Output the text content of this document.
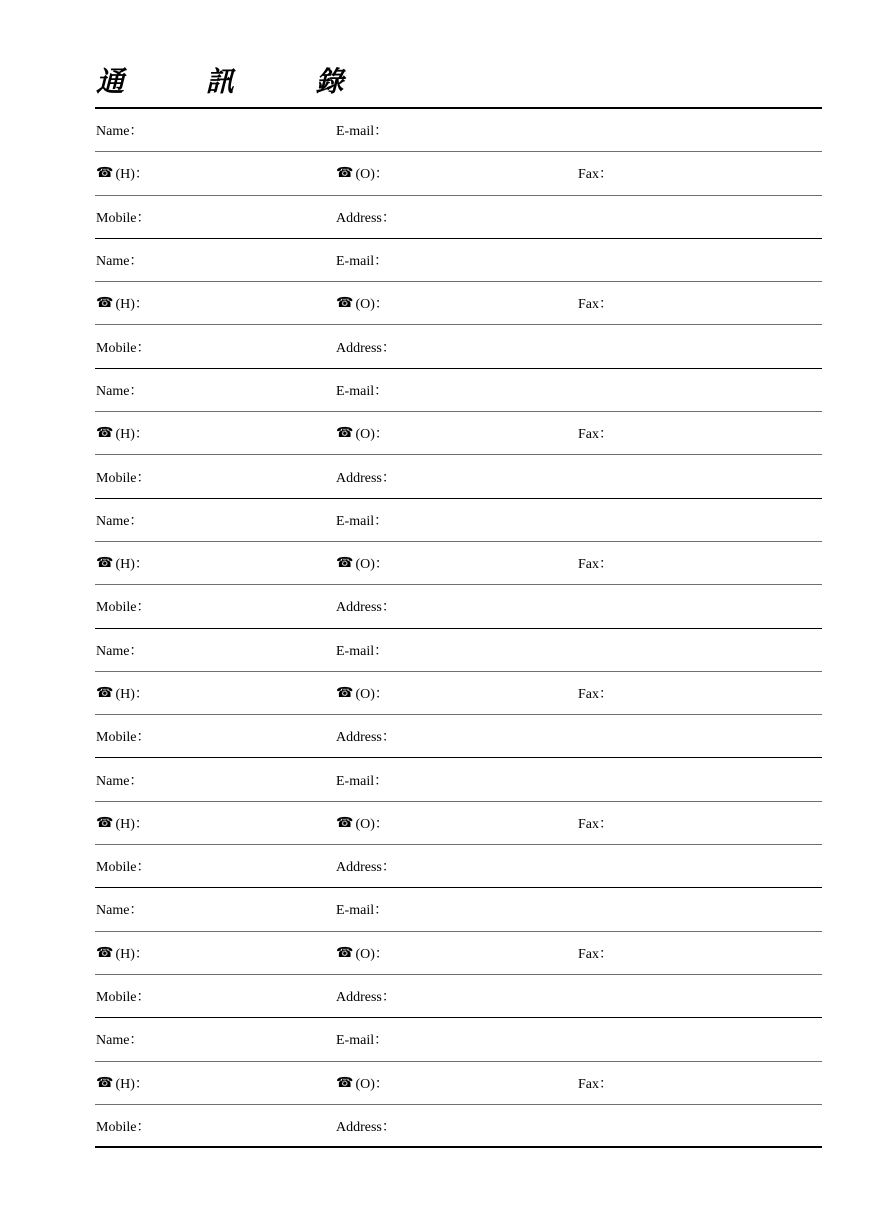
通 訊 錄
Name：	E-mail：
☎ (H)：	☎ (O)：	Fax：
Mobile：	Address：
Name：	E-mail：
☎ (H)：	☎ (O)：	Fax：
Mobile：	Address：
Name：	E-mail：
☎ (H)：	☎ (O)：	Fax：
Mobile：	Address：
Name：	E-mail：
☎ (H)：	☎ (O)：	Fax：
Mobile：	Address：
Name：	E-mail：
☎ (H)：	☎ (O)：	Fax：
Mobile：	Address：
Name：	E-mail：
☎ (H)：	☎ (O)：	Fax：
Mobile：	Address：
Name：	E-mail：
☎ (H)：	☎ (O)：	Fax：
Mobile：	Address：
Name：	E-mail：
☎ (H)：	☎ (O)：	Fax：
Mobile：	Address：
